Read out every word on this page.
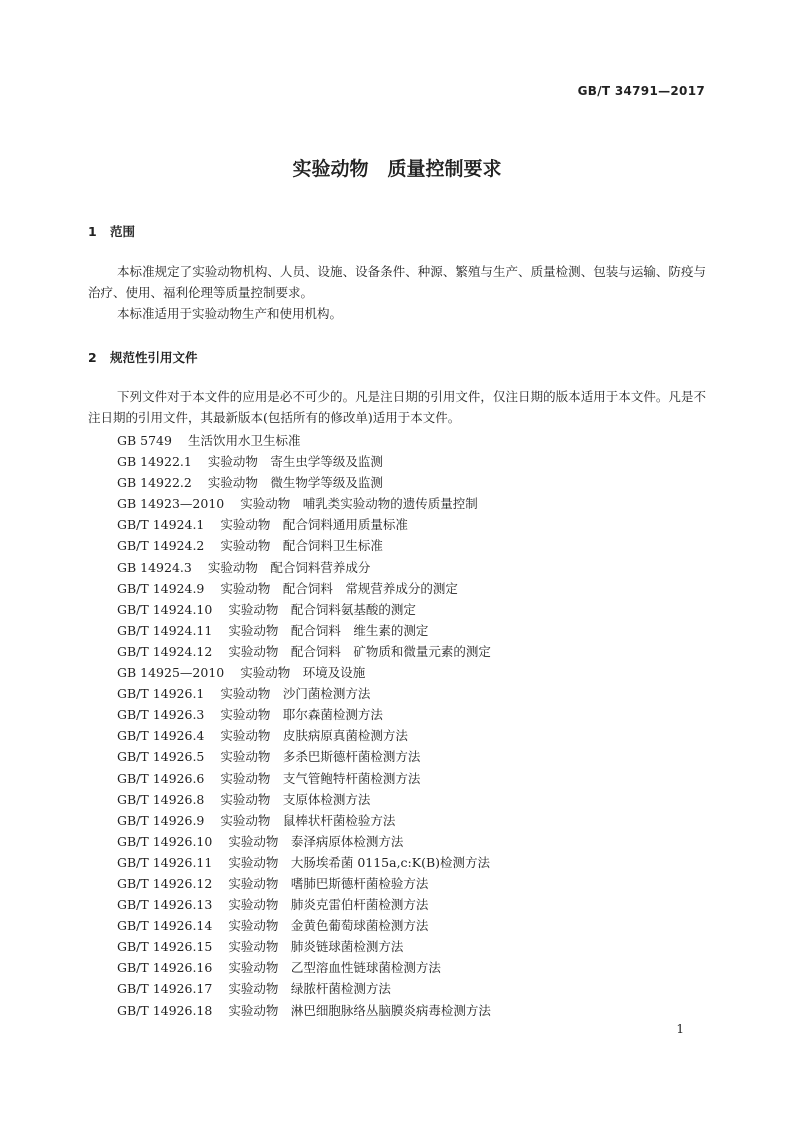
GB/T 34791—2017
实验动物　质量控制要求
1 范围
本标准规定了实验动物机构、人员、设施、设备条件、种源、繁殖与生产、质量检测、包装与运输、防疫与治疗、使用、福利伦理等质量控制要求。
本标准适用于实验动物生产和使用机构。
2 规范性引用文件
下列文件对于本文件的应用是必不可少的。凡是注日期的引用文件，仅注日期的版本适用于本文件。凡是不注日期的引用文件，其最新版本(包括所有的修改单)适用于本文件。
GB 5749 生活饮用水卫生标准
GB 14922.1 实验动物　寄生虫学等级及监测
GB 14922.2 实验动物　微生物学等级及监测
GB 14923—2010 实验动物　哺乳类实验动物的遗传质量控制
GB/T 14924.1 实验动物　配合饲料通用质量标准
GB/T 14924.2 实验动物　配合饲料卫生标准
GB 14924.3 实验动物　配合饲料营养成分
GB/T 14924.9 实验动物　配合饲料　常规营养成分的测定
GB/T 14924.10 实验动物　配合饲料氨基酸的测定
GB/T 14924.11 实验动物　配合饲料　维生素的测定
GB/T 14924.12 实验动物　配合饲料　矿物质和微量元素的测定
GB 14925—2010 实验动物　环境及设施
GB/T 14926.1 实验动物　沙门菌检测方法
GB/T 14926.3 实验动物　耶尔森菌检测方法
GB/T 14926.4 实验动物　皮肤病原真菌检测方法
GB/T 14926.5 实验动物　多杀巴斯德杆菌检测方法
GB/T 14926.6 实验动物　支气管鲍特杆菌检测方法
GB/T 14926.8 实验动物　支原体检测方法
GB/T 14926.9 实验动物　鼠棒状杆菌检验方法
GB/T 14926.10 实验动物　泰泽病原体检测方法
GB/T 14926.11 实验动物　大肠埃希菌 0115a,c:K(B)检测方法
GB/T 14926.12 实验动物　嗜肺巴斯德杆菌检验方法
GB/T 14926.13 实验动物　肺炎克雷伯杆菌检测方法
GB/T 14926.14 实验动物　金黄色葡萄球菌检测方法
GB/T 14926.15 实验动物　肺炎链球菌检测方法
GB/T 14926.16 实验动物　乙型溶血性链球菌检测方法
GB/T 14926.17 实验动物　绿脓杆菌检测方法
GB/T 14926.18 实验动物　淋巴细胞脉络丛脑膜炎病毒检测方法
1
